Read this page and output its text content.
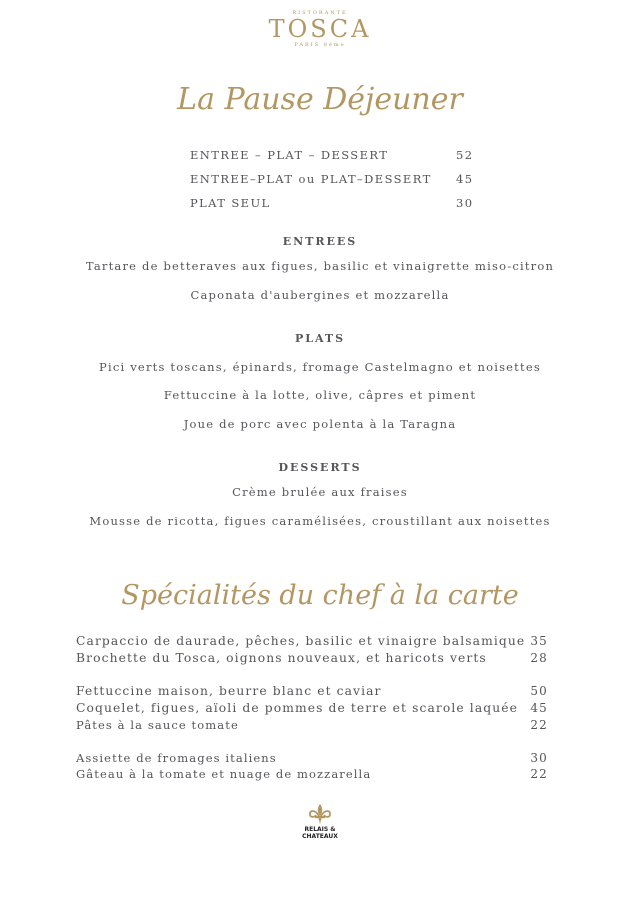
RISTORANTE
TOSCA
PARIS 8ème
La Pause Déjeuner
ENTREE – PLAT – DESSERT	52
ENTREE–PLAT ou PLAT–DESSERT 45
PLAT SEUL	30
ENTREES
Tartare de betteraves aux figues, basilic et vinaigrette miso-citron
Caponata d'aubergines et mozzarella
PLATS
Pici verts toscans, épinards, fromage Castelmagno et noisettes
Fettuccine à la lotte, olive, câpres et piment
Joue de porc avec polenta à la Taragna
DESSERTS
Crème brulée aux fraises
Mousse de ricotta, figues caramélisées, croustillant aux noisettes
Spécialités du chef à la carte
Carpaccio de daurade, pêches, basilic et vinaigre balsamique 35
Brochette du Tosca, oignons nouveaux, et haricots verts	28
Fettuccine maison, beurre blanc et caviar	50
Coquelet, figues, aïoli de pommes de terre et scarole laquée 45
Pâtes à la sauce tomate	22
Assiette de fromages italiens	30
Gâteau à la tomate et nuage de mozzarella	22
RELAIS &
CHATEAUX
